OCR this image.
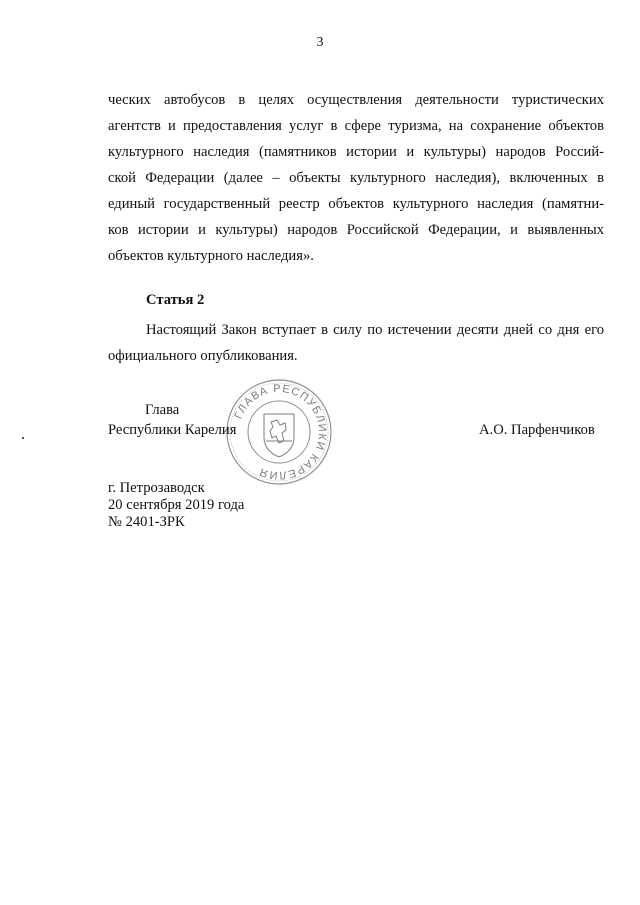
3
ческих автобусов в целях осуществления деятельности туристических
агентств и предоставления услуг в сфере туризма, на сохранение объектов
культурного наследия (памятников истории и культуры) народов Россий-
ской Федерации (далее – объекты культурного наследия), включенных в
единый государственный реестр объектов культурного наследия (памятни-
ков истории и культуры) народов Российской Федерации, и выявленных
объектов культурного наследия».
Статья 2
Настоящий Закон вступает в силу по истечении десяти дней со дня его
официального опубликования.
ГЛАВА РЕСПУБЛИКИ КАРЕЛИЯ
Глава
Республики Карелия	А.О. Парфенчиков
г. Петрозаводск
20 сентября 2019 года
№ 2401-ЗРК
